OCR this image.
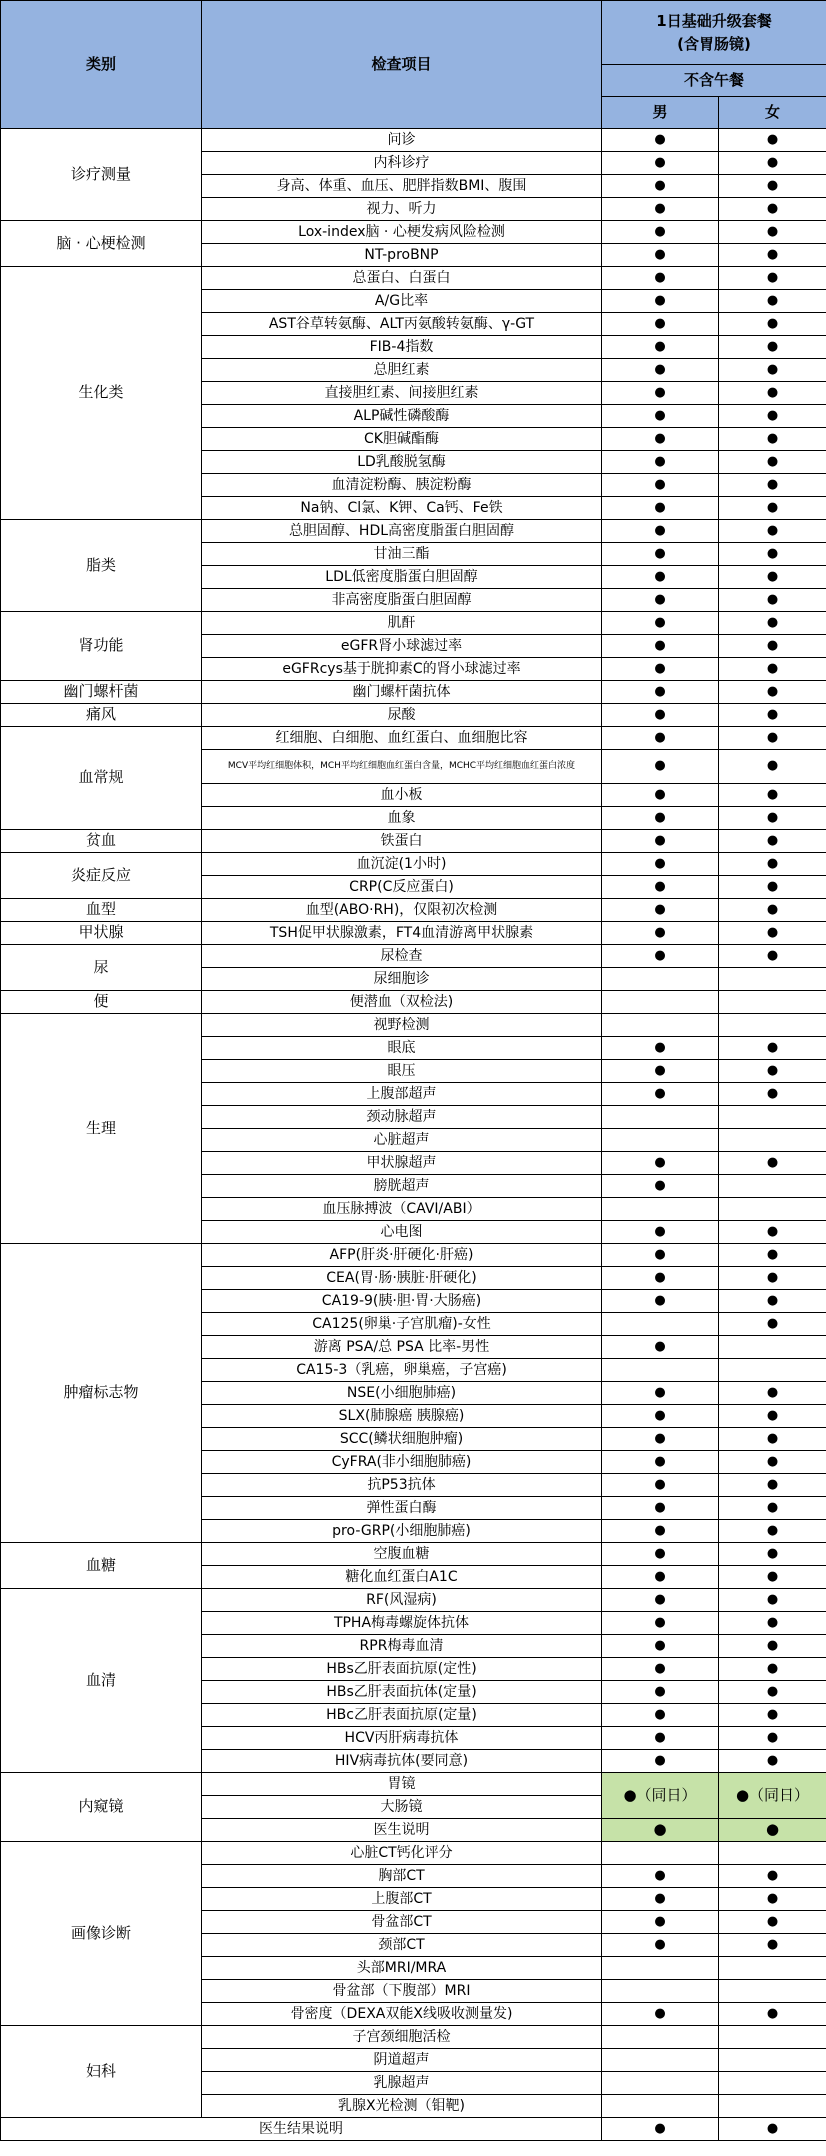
类别	检查项目	1日基础升级套餐
(含胃肠镜)	
		不含午餐	
		男	女
诊疗测量	问诊	●	●
	内科诊疗	●	●
	身高、体重、血压、肥胖指数BMI、腹围	●	●
	视力、听力	●	●
脑 · 心梗检测	Lox-index脑 · 心梗发病风险检测	●	●
	NT-proBNP	●	●
生化类	总蛋白、白蛋白	●	●
	A/G比率	●	●
	AST谷草转氨酶、ALT丙氨酸转氨酶、γ-GT	●	●
	FIB-4指数	●	●
	总胆红素	●	●
	直接胆红素、间接胆红素	●	●
	ALP碱性磷酸酶	●	●
	CK胆碱酯酶	●	●
	LD乳酸脱氢酶	●	●
	血清淀粉酶、胰淀粉酶	●	●
	Na钠、Cl氯、K钾、Ca钙、Fe铁	●	●
脂类	总胆固醇、HDL高密度脂蛋白胆固醇	●	●
	甘油三酯	●	●
	LDL低密度脂蛋白胆固醇	●	●
	非高密度脂蛋白胆固醇	●	●
肾功能	肌酐	●	●
	eGFR肾小球滤过率	●	●
	eGFRcys基于胱抑素C的肾小球滤过率	●	●
幽门螺杆菌	幽门螺杆菌抗体	●	●
痛风	尿酸	●	●
血常规	红细胞、白细胞、血红蛋白、血细胞比容	●	●
	MCV平均红细胞体积，MCH平均红细胞血红蛋白含量，MCHC平均红细胞血红蛋白浓度	●	●
	血小板	●	●
	血象	●	●
贫血	铁蛋白	●	●
炎症反应	血沉淀(1小时)	●	●
	CRP(C反应蛋白)	●	●
血型	血型(ABO·RH)，仅限初次检测	●	●
甲状腺	TSH促甲状腺激素，FT4血清游离甲状腺素	●	●
尿	尿检查	●	●
	尿细胞诊		
便	便潜血（双检法)		
生理	视野检测		
	眼底	●	●
	眼压	●	●
	上腹部超声	●	●
	颈动脉超声		
	心脏超声		
	甲状腺超声	●	●
	膀胱超声	●	
	血压脉搏波（CAVI/ABI）		
	心电图	●	●
肿瘤标志物	AFP(肝炎·肝硬化·肝癌)	●	●
	CEA(胃·肠·胰脏·肝硬化)	●	●
	CA19-9(胰·胆·胃·大肠癌)	●	●
	CA125(卵巢·子宫肌瘤)-女性		●
	游离 PSA/总 PSA 比率-男性	●	
	CA15-3（乳癌，卵巢癌，子宫癌)		
	NSE(小细胞肺癌)	●	●
	SLX(肺腺癌 胰腺癌)	●	●
	SCC(鳞状细胞肿瘤)	●	●
	CyFRA(非小细胞肺癌)	●	●
	抗P53抗体	●	●
	弹性蛋白酶	●	●
	pro-GRP(小细胞肺癌)	●	●
血糖	空腹血糖	●	●
	糖化血红蛋白A1C	●	●
血清	RF(风湿病)	●	●
	TPHA梅毒螺旋体抗体	●	●
	RPR梅毒血清	●	●
	HBs乙肝表面抗原(定性)	●	●
	HBs乙肝表面抗体(定量)	●	●
	HBc乙肝表面抗原(定量)	●	●
	HCV丙肝病毒抗体	●	●
	HIV病毒抗体(要同意)	●	●
内窥镜	胃镜	●（同日）	●（同日）
	大肠镜		
	医生说明	●	●
画像诊断	心脏CT钙化评分		
	胸部CT	●	●
	上腹部CT	●	●
	骨盆部CT	●	●
	颈部CT	●	●
	头部MRI/MRA		
	骨盆部（下腹部）MRI		
	骨密度（DEXA双能X线吸收测量发)	●	●
妇科	子宫颈细胞活检		
	阴道超声		
	乳腺超声		
	乳腺X光检测（钼靶)		
医生结果说明		●	●
